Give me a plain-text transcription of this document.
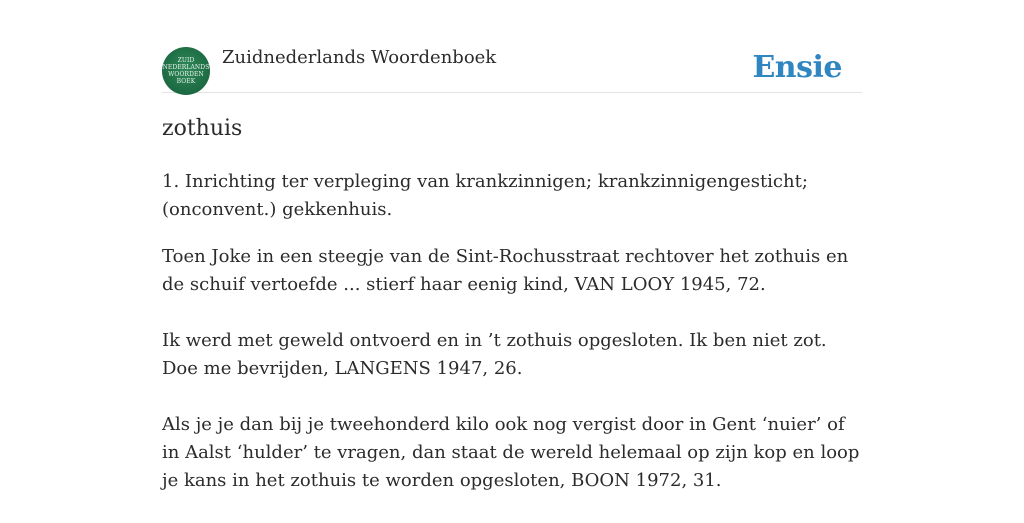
ZUID
NEDERLANDS
WOORDEN
BOEK
Zuidnederlands Woordenboek	Ensie
zothuis

1. Inrichting ter verpleging van krankzinnigen; krankzinnigengesticht; (onconvent.) gekkenhuis.

Toen Joke in een steegje van de Sint-Rochusstraat rechtover het zothuis en de schuif vertoefde ... stierf haar eenig kind, VAN LOOY 1945, 72.

Ik werd met geweld ontvoerd en in ’t zothuis opgesloten. Ik ben niet zot. Doe me bevrijden, LANGENS 1947, 26.

Als je je dan bij je tweehonderd kilo ook nog vergist door in Gent ‘nuier’ of in Aalst ‘hulder’ te vragen, dan staat de wereld helemaal op zijn kop en loop je kans in het zothuis te worden opgesloten, BOON 1972, 31.
